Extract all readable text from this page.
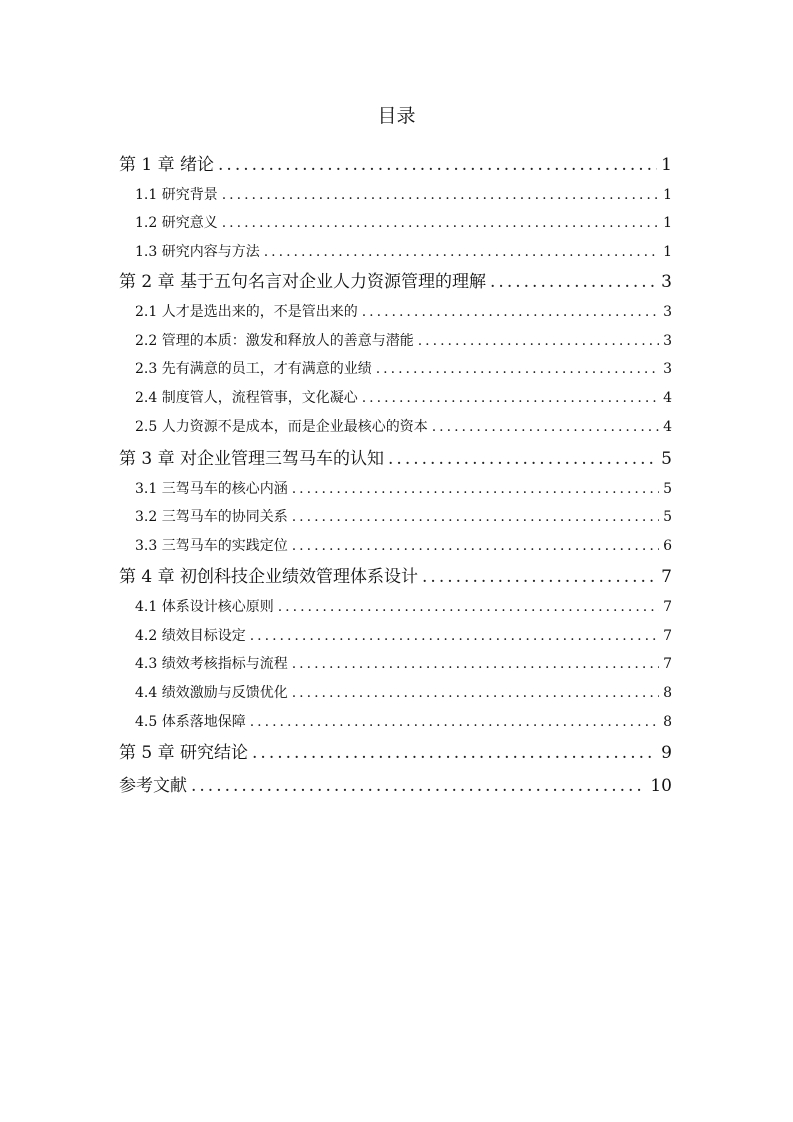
目录
第 1 章 绪论 .....	1
1.1 研究背景 .....	1
1.2 研究意义 .....	1
1.3 研究内容与方法 .....	1
第 2 章 基于五句名言对企业人力资源管理的理解 .....	3
2.1 人才是选出来的，不是管出来的 .....	3
2.2 管理的本质：激发和释放人的善意与潜能 .....	3
2.3 先有满意的员工，才有满意的业绩 .....	3
2.4 制度管人，流程管事，文化凝心 .....	4
2.5 人力资源不是成本，而是企业最核心的资本 .....	4
第 3 章 对企业管理三驾马车的认知 .....	5
3.1 三驾马车的核心内涵 .....	5
3.2 三驾马车的协同关系 .....	5
3.3 三驾马车的实践定位 .....	6
第 4 章 初创科技企业绩效管理体系设计 .....	7
4.1 体系设计核心原则 .....	7
4.2 绩效目标设定 .....	7
4.3 绩效考核指标与流程 .....	7
4.4 绩效激励与反馈优化 .....	8
4.5 体系落地保障 .....	8
第 5 章 研究结论 .....	9
参考文献 .....	10
